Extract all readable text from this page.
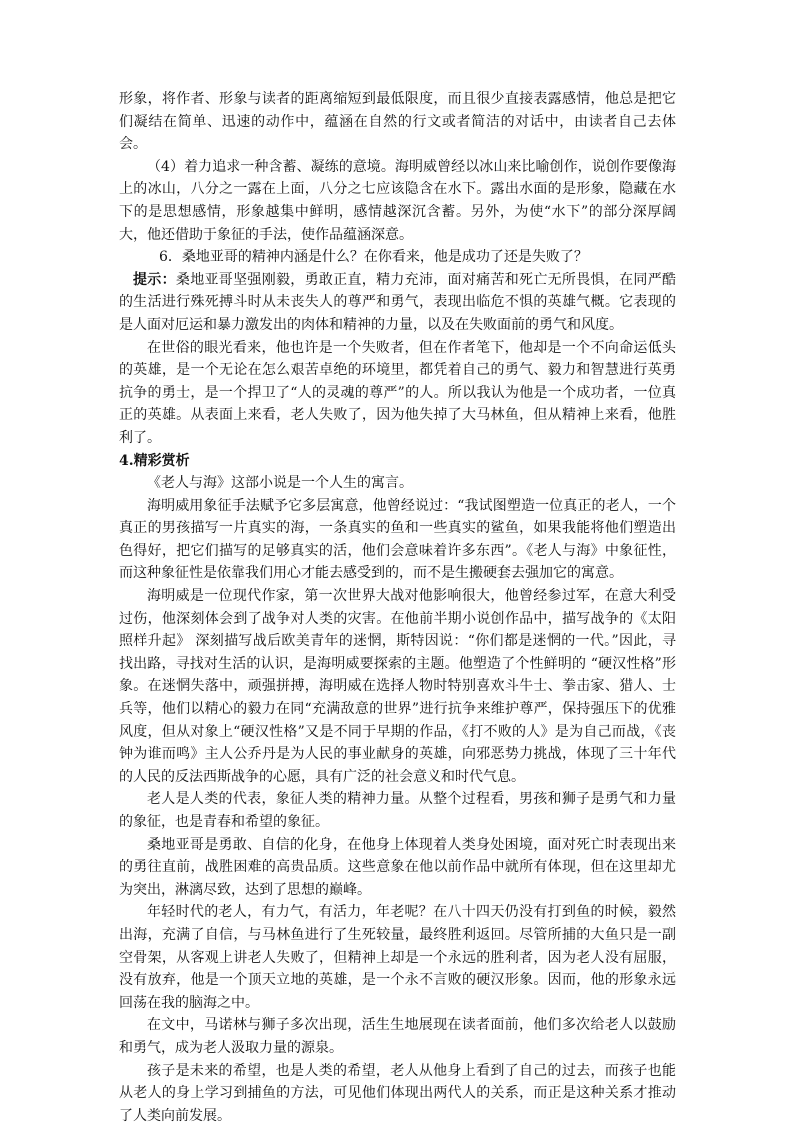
形象，将作者、形象与读者的距离缩短到最低限度，而且很少直接表露感情，他总是把它们凝结在简单、迅速的动作中，蕴涵在自然的行文或者简洁的对话中，由读者自己去体会。

（4）着力追求一种含蓄、凝练的意境。海明威曾经以冰山来比喻创作，说创作要像海上的冰山，八分之一露在上面，八分之七应该隐含在水下。露出水面的是形象，隐藏在水下的是思想感情，形象越集中鲜明，感情越深沉含蓄。另外，为使“水下”的部分深厚阔大，他还借助于象征的手法，使作品蕴涵深意。

6．桑地亚哥的精神内涵是什么？在你看来，他是成功了还是失败了？

提示：桑地亚哥坚强刚毅，勇敢正直，精力充沛，面对痛苦和死亡无所畏惧，在同严酷的生活进行殊死搏斗时从未丧失人的尊严和勇气，表现出临危不惧的英雄气概。它表现的是人面对厄运和暴力激发出的肉体和精神的力量，以及在失败面前的勇气和风度。

在世俗的眼光看来，他也许是一个失败者，但在作者笔下，他却是一个不向命运低头的英雄，是一个无论在怎么艰苦卓绝的环境里，都凭着自己的勇气、毅力和智慧进行英勇抗争的勇士，是一个捍卫了“人的灵魂的尊严”的人。所以我认为他是一个成功者，一位真正的英雄。从表面上来看，老人失败了，因为他失掉了大马林鱼，但从精神上来看，他胜利了。

4.精彩赏析

《老人与海》这部小说是一个人生的寓言。

海明威用象征手法赋予它多层寓意，他曾经说过：“我试图塑造一位真正的老人，一个真正的男孩描写一片真实的海，一条真实的鱼和一些真实的鲨鱼，如果我能将他们塑造出色得好，把它们描写的足够真实的活，他们会意味着许多东西”。《老人与海》中象征性，而这种象征性是依靠我们用心才能去感受到的，而不是生搬硬套去强加它的寓意。

海明威是一位现代作家，第一次世界大战对他影响很大，他曾经参过军，在意大利受过伤，他深刻体会到了战争对人类的灾害。在他前半期小说创作品中，描写战争的《太阳照样升起》 深刻描写战后欧美青年的迷惘，斯特因说：“你们都是迷惘的一代。”因此，寻找出路，寻找对生活的认识，是海明威要探索的主题。他塑造了个性鲜明的 “硬汉性格”形象。在迷惘失落中，顽强拼搏，海明威在选择人物时特别喜欢斗牛士、拳击家、猎人、士兵等，他们以精心的毅力在同“充满敌意的世界”进行抗争来维护尊严，保持强压下的优雅风度，但从对象上“硬汉性格”又是不同于早期的作品，《打不败的人》是为自己而战，《丧钟为谁而鸣》主人公乔丹是为人民的事业献身的英雄，向邪恶势力挑战，体现了三十年代的人民的反法西斯战争的心愿，具有广泛的社会意义和时代气息。

老人是人类的代表，象征人类的精神力量。从整个过程看，男孩和狮子是勇气和力量的象征，也是青春和希望的象征。

桑地亚哥是勇敢、自信的化身，在他身上体现着人类身处困境，面对死亡时表现出来的勇往直前，战胜困难的高贵品质。这些意象在他以前作品中就所有体现，但在这里却尤为突出，淋漓尽致，达到了思想的巅峰。

年轻时代的老人，有力气，有活力，年老呢？在八十四天仍没有打到鱼的时候，毅然出海，充满了自信，与马林鱼进行了生死较量，最终胜利返回。尽管所捕的大鱼只是一副空骨架，从客观上讲老人失败了，但精神上却是一个永远的胜利者，因为老人没有屈服，没有放弃，他是一个顶天立地的英雄，是一个永不言败的硬汉形象。因而，他的形象永远回荡在我的脑海之中。

在文中，马诺林与狮子多次出现，活生生地展现在读者面前，他们多次给老人以鼓励和勇气，成为老人汲取力量的源泉。

孩子是未来的希望，也是人类的希望，老人从他身上看到了自己的过去，而孩子也能从老人的身上学习到捕鱼的方法，可见他们体现出两代人的关系，而正是这种关系才推动了人类向前发展。
